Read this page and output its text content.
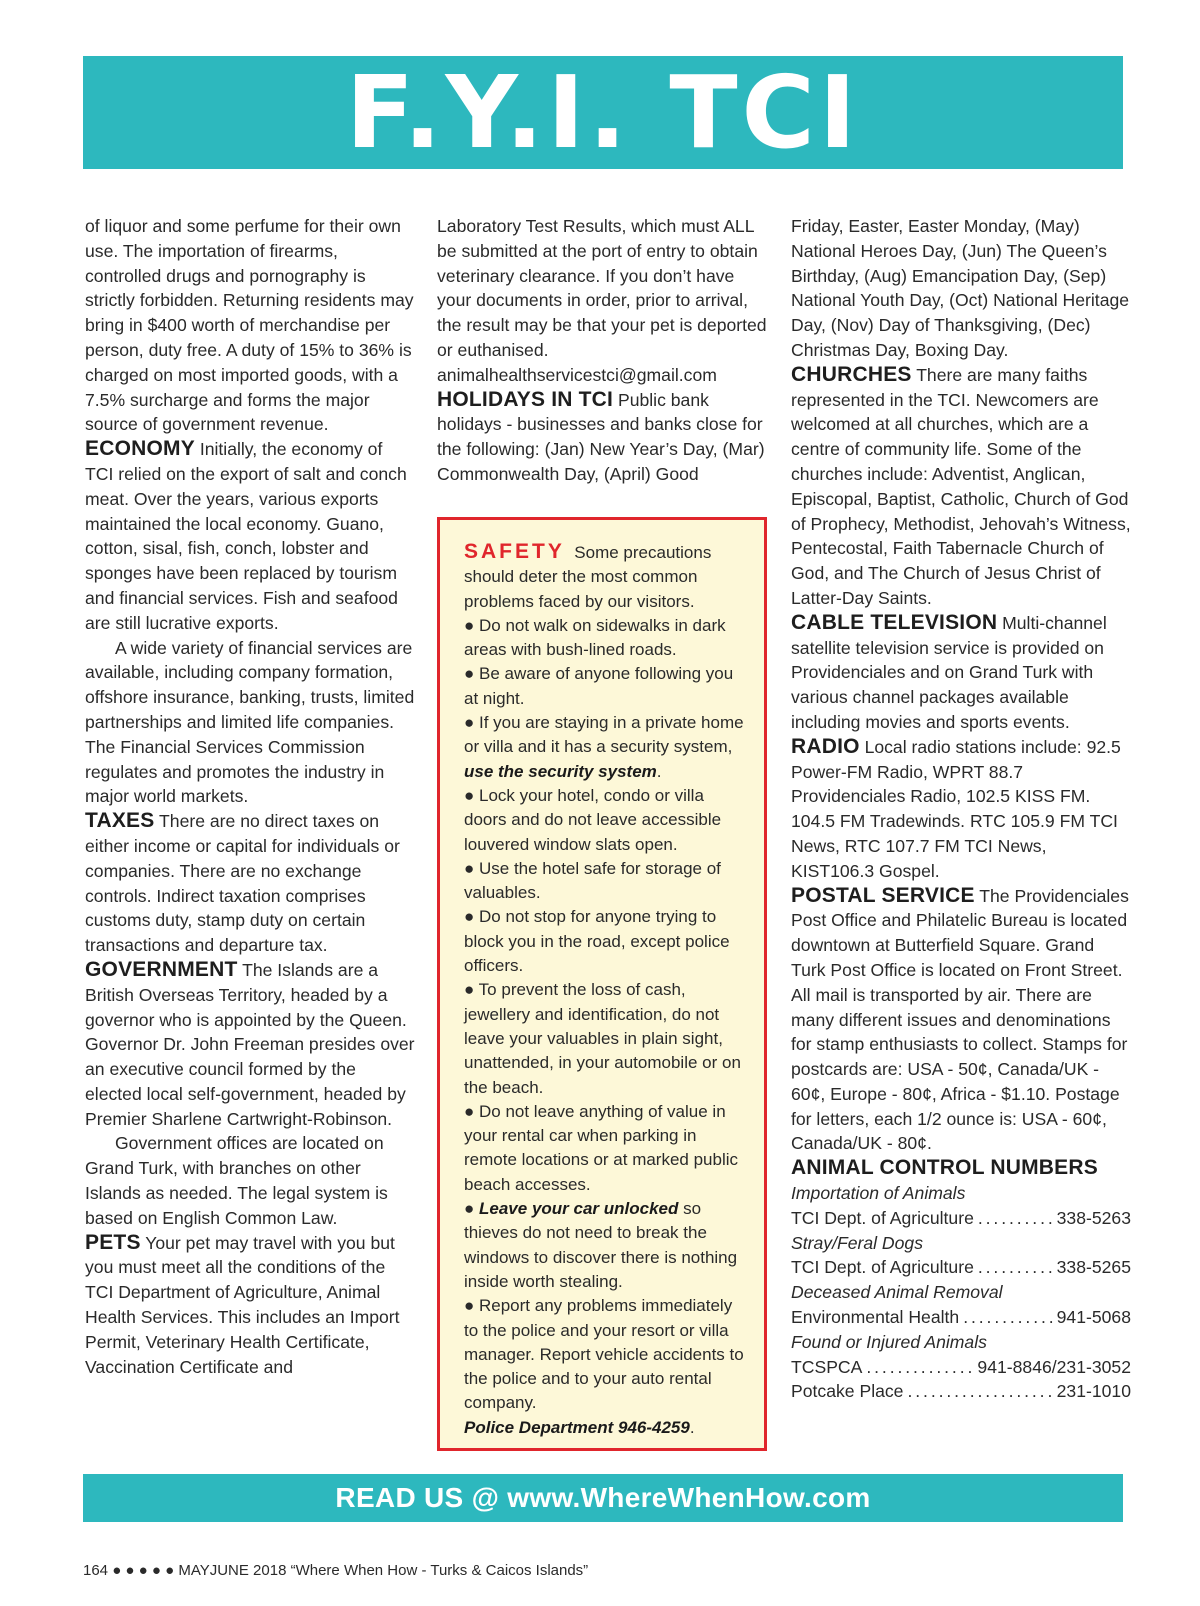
F.Y.I. TCI

of liquor and some perfume for their own use. The importation of firearms, controlled drugs and pornography is strictly forbidden. Returning residents may bring in $400 worth of merchandise per person, duty free. A duty of 15% to 36% is charged on most imported goods, with a 7.5% surcharge and forms the major source of government revenue.

ECONOMY Initially, the economy of TCI relied on the export of salt and conch meat. Over the years, various exports maintained the local economy. Guano, cotton, sisal, fish, conch, lobster and sponges have been replaced by tourism and financial services. Fish and seafood are still lucrative exports.

A wide variety of financial services are available, including company formation, offshore insurance, banking, trusts, limited partnerships and limited life companies. The Financial Services Commission regulates and promotes the industry in major world markets.

TAXES There are no direct taxes on either income or capital for individuals or companies. There are no exchange controls. Indirect taxation comprises customs duty, stamp duty on certain transactions and departure tax.

GOVERNMENT The Islands are a British Overseas Territory, headed by a governor who is appointed by the Queen. Governor Dr. John Freeman presides over an executive council formed by the elected local self-government, headed by Premier Sharlene Cartwright-Robinson.

Government offices are located on Grand Turk, with branches on other Islands as needed. The legal system is based on English Common Law.

PETS Your pet may travel with you but you must meet all the conditions of the TCI Department of Agriculture, Animal Health Services. This includes an Import Permit, Veterinary Health Certificate, Vaccination Certificate and

Laboratory Test Results, which must ALL be submitted at the port of entry to obtain veterinary clearance. If you don’t have your documents in order, prior to arrival, the result may be that your pet is deported or euthanised.

animalhealthservicestci@gmail.com

HOLIDAYS IN TCI Public bank holidays - businesses and banks close for the following: (Jan) New Year’s Day, (Mar) Commonwealth Day, (April) Good

SAFETY Some precautions should deter the most common problems faced by our visitors.

● Do not walk on sidewalks in dark areas with bush-lined roads.

● Be aware of anyone following you at night.

● If you are staying in a private home or villa and it has a security system, use the security system.

● Lock your hotel, condo or villa doors and do not leave accessible louvered window slats open.

● Use the hotel safe for storage of valuables.

● Do not stop for anyone trying to block you in the road, except police officers.

● To prevent the loss of cash, jewellery and identification, do not leave your valuables in plain sight, unattended, in your automobile or on the beach.

● Do not leave anything of value in your rental car when parking in remote locations or at marked public beach accesses.

● Leave your car unlocked so thieves do not need to break the windows to discover there is nothing inside worth stealing.

● Report any problems immediately to the police and your resort or villa manager. Report vehicle accidents to the police and to your auto rental company.

Police Department 946-4259.

Friday, Easter, Easter Monday, (May) National Heroes Day, (Jun) The Queen’s Birthday, (Aug) Emancipation Day, (Sep) National Youth Day, (Oct) National Heritage Day, (Nov) Day of Thanksgiving, (Dec) Christmas Day, Boxing Day.

CHURCHES There are many faiths represented in the TCI. Newcomers are welcomed at all churches, which are a centre of community life. Some of the churches include: Adventist, Anglican, Episcopal, Baptist, Catholic, Church of God of Prophecy, Methodist, Jehovah’s Witness, Pentecostal, Faith Tabernacle Church of God, and The Church of Jesus Christ of Latter-Day Saints.

CABLE TELEVISION Multi-channel satellite television service is provided on Providenciales and on Grand Turk with various channel packages available including movies and sports events.

RADIO Local radio stations include: 92.5 Power-FM Radio, WPRT 88.7 Providenciales Radio, 102.5 KISS FM. 104.5 FM Tradewinds. RTC 105.9 FM TCI News, RTC 107.7 FM TCI News, KIST106.3 Gospel.

POSTAL SERVICE The Providenciales Post Office and Philatelic Bureau is located downtown at Butterfield Square. Grand Turk Post Office is located on Front Street. All mail is transported by air. There are many different issues and denominations for stamp enthusiasts to collect. Stamps for postcards are: USA - 50¢, Canada/UK - 60¢, Europe - 80¢, Africa - $1.10. Postage for letters, each 1/2 ounce is: USA - 60¢, Canada/UK - 80¢.

ANIMAL CONTROL NUMBERS

Importation of Animals

TCI Dept. of Agriculture . . .	338-5263

Stray/Feral Dogs

TCI Dept. of Agriculture . . .	338-5265

Deceased Animal Removal

Environmental Health . . .	941-5068

Found or Injured Animals

TCSPCA . . .	941-8846/231-3052
Potcake Place . . .	231-1010
READ US @ www.WhereWhenHow.com
164 ● ● ● ● ● MAYJUNE 2018 “Where When How - Turks & Caicos Islands”
